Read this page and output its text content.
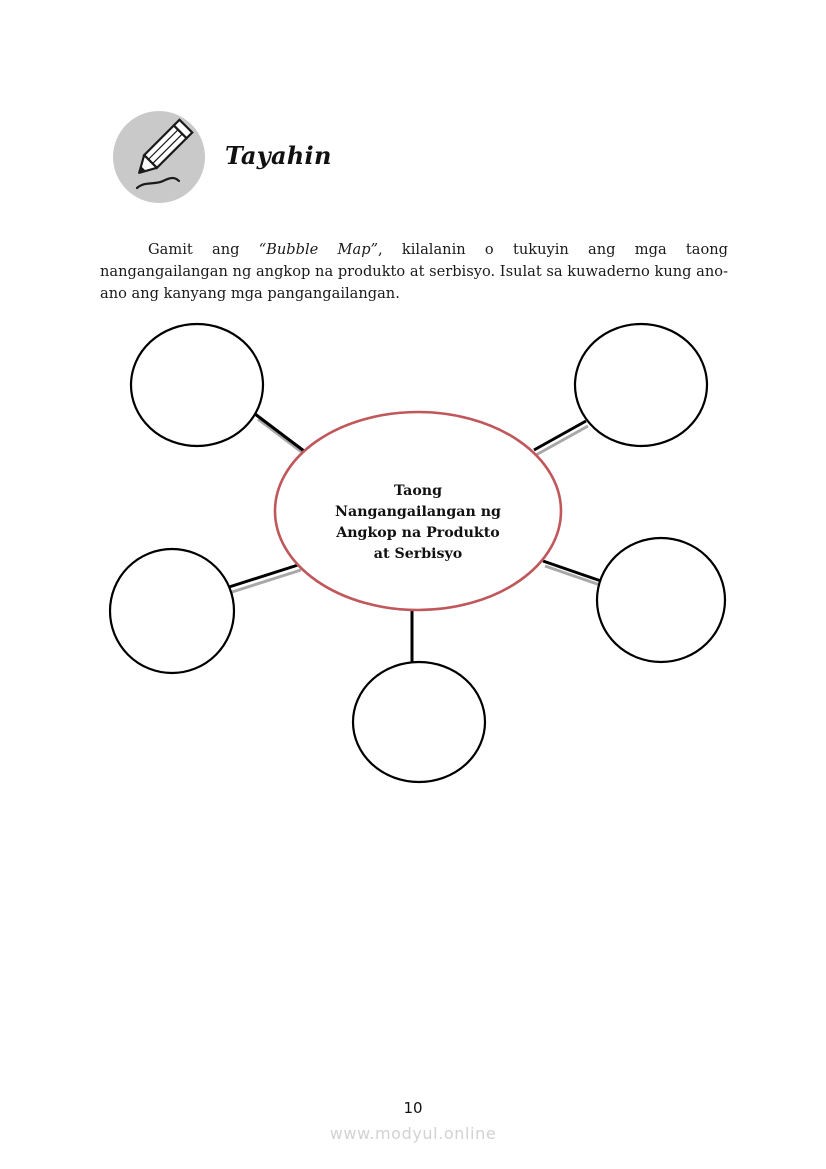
Tayahin

Gamit ang “Bubble Map”, kilalanin o tukuyin ang mga taong nangangailangan ng angkop na produkto at serbisyo. Isulat sa kuwaderno kung ano-ano ang kanyang mga pangangailangan.

Taong
Nangangailangan ng
Angkop na Produkto
at Serbisyo
10
www.modyul.online
